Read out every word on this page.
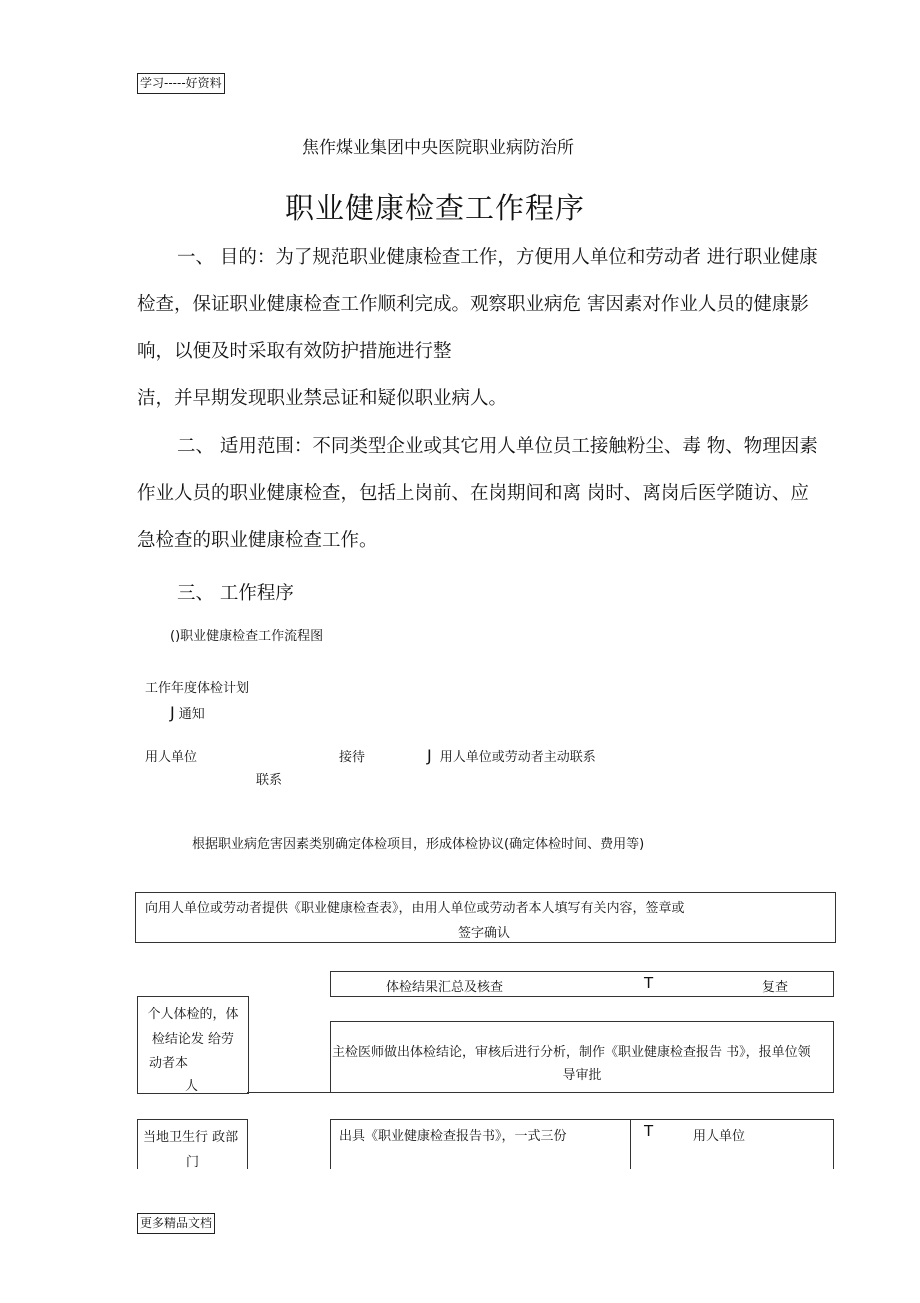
学习-----好资料
焦作煤业集团中央医院职业病防治所
职业健康检查工作程序
一、 目的：为了规范职业健康检查工作，方便用人单位和劳动者 进行职业健康
检查，保证职业健康检查工作顺利完成。观察职业病危 害因素对作业人员的健康影
响，以便及时采取有效防护措施进行整
洁，并早期发现职业禁忌证和疑似职业病人。
二、 适用范围：不同类型企业或其它用人单位员工接触粉尘、毒 物、物理因素
作业人员的职业健康检查，包括上岗前、在岗期间和离 岗时、离岗后医学随访、应
急检查的职业健康检查工作。
三、 工作程序
()职业健康检查工作流程图
工作年度体检计划
J 通知
用人单位	接待	J 用人单位或劳动者主动联系
联系
根据职业病危害因素类别确定体检项目，形成体检协议(确定体检时间、费用等)
向用人单位或劳动者提供《职业健康检查表》，由用人单位或劳动者本人填写有关内容，签章或
签字确认
体检结果汇总及核查	T	复查
个人体检的，体
检结论发 给劳
动者本
人
主检医师做出体检结论，审核后进行分析，制作《职业健康检查报告 书》，报单位领
导审批
当地卫生行 政部
门
出具《职业健康检查报告书》，一式三份	T	用人单位
更多精品文档
